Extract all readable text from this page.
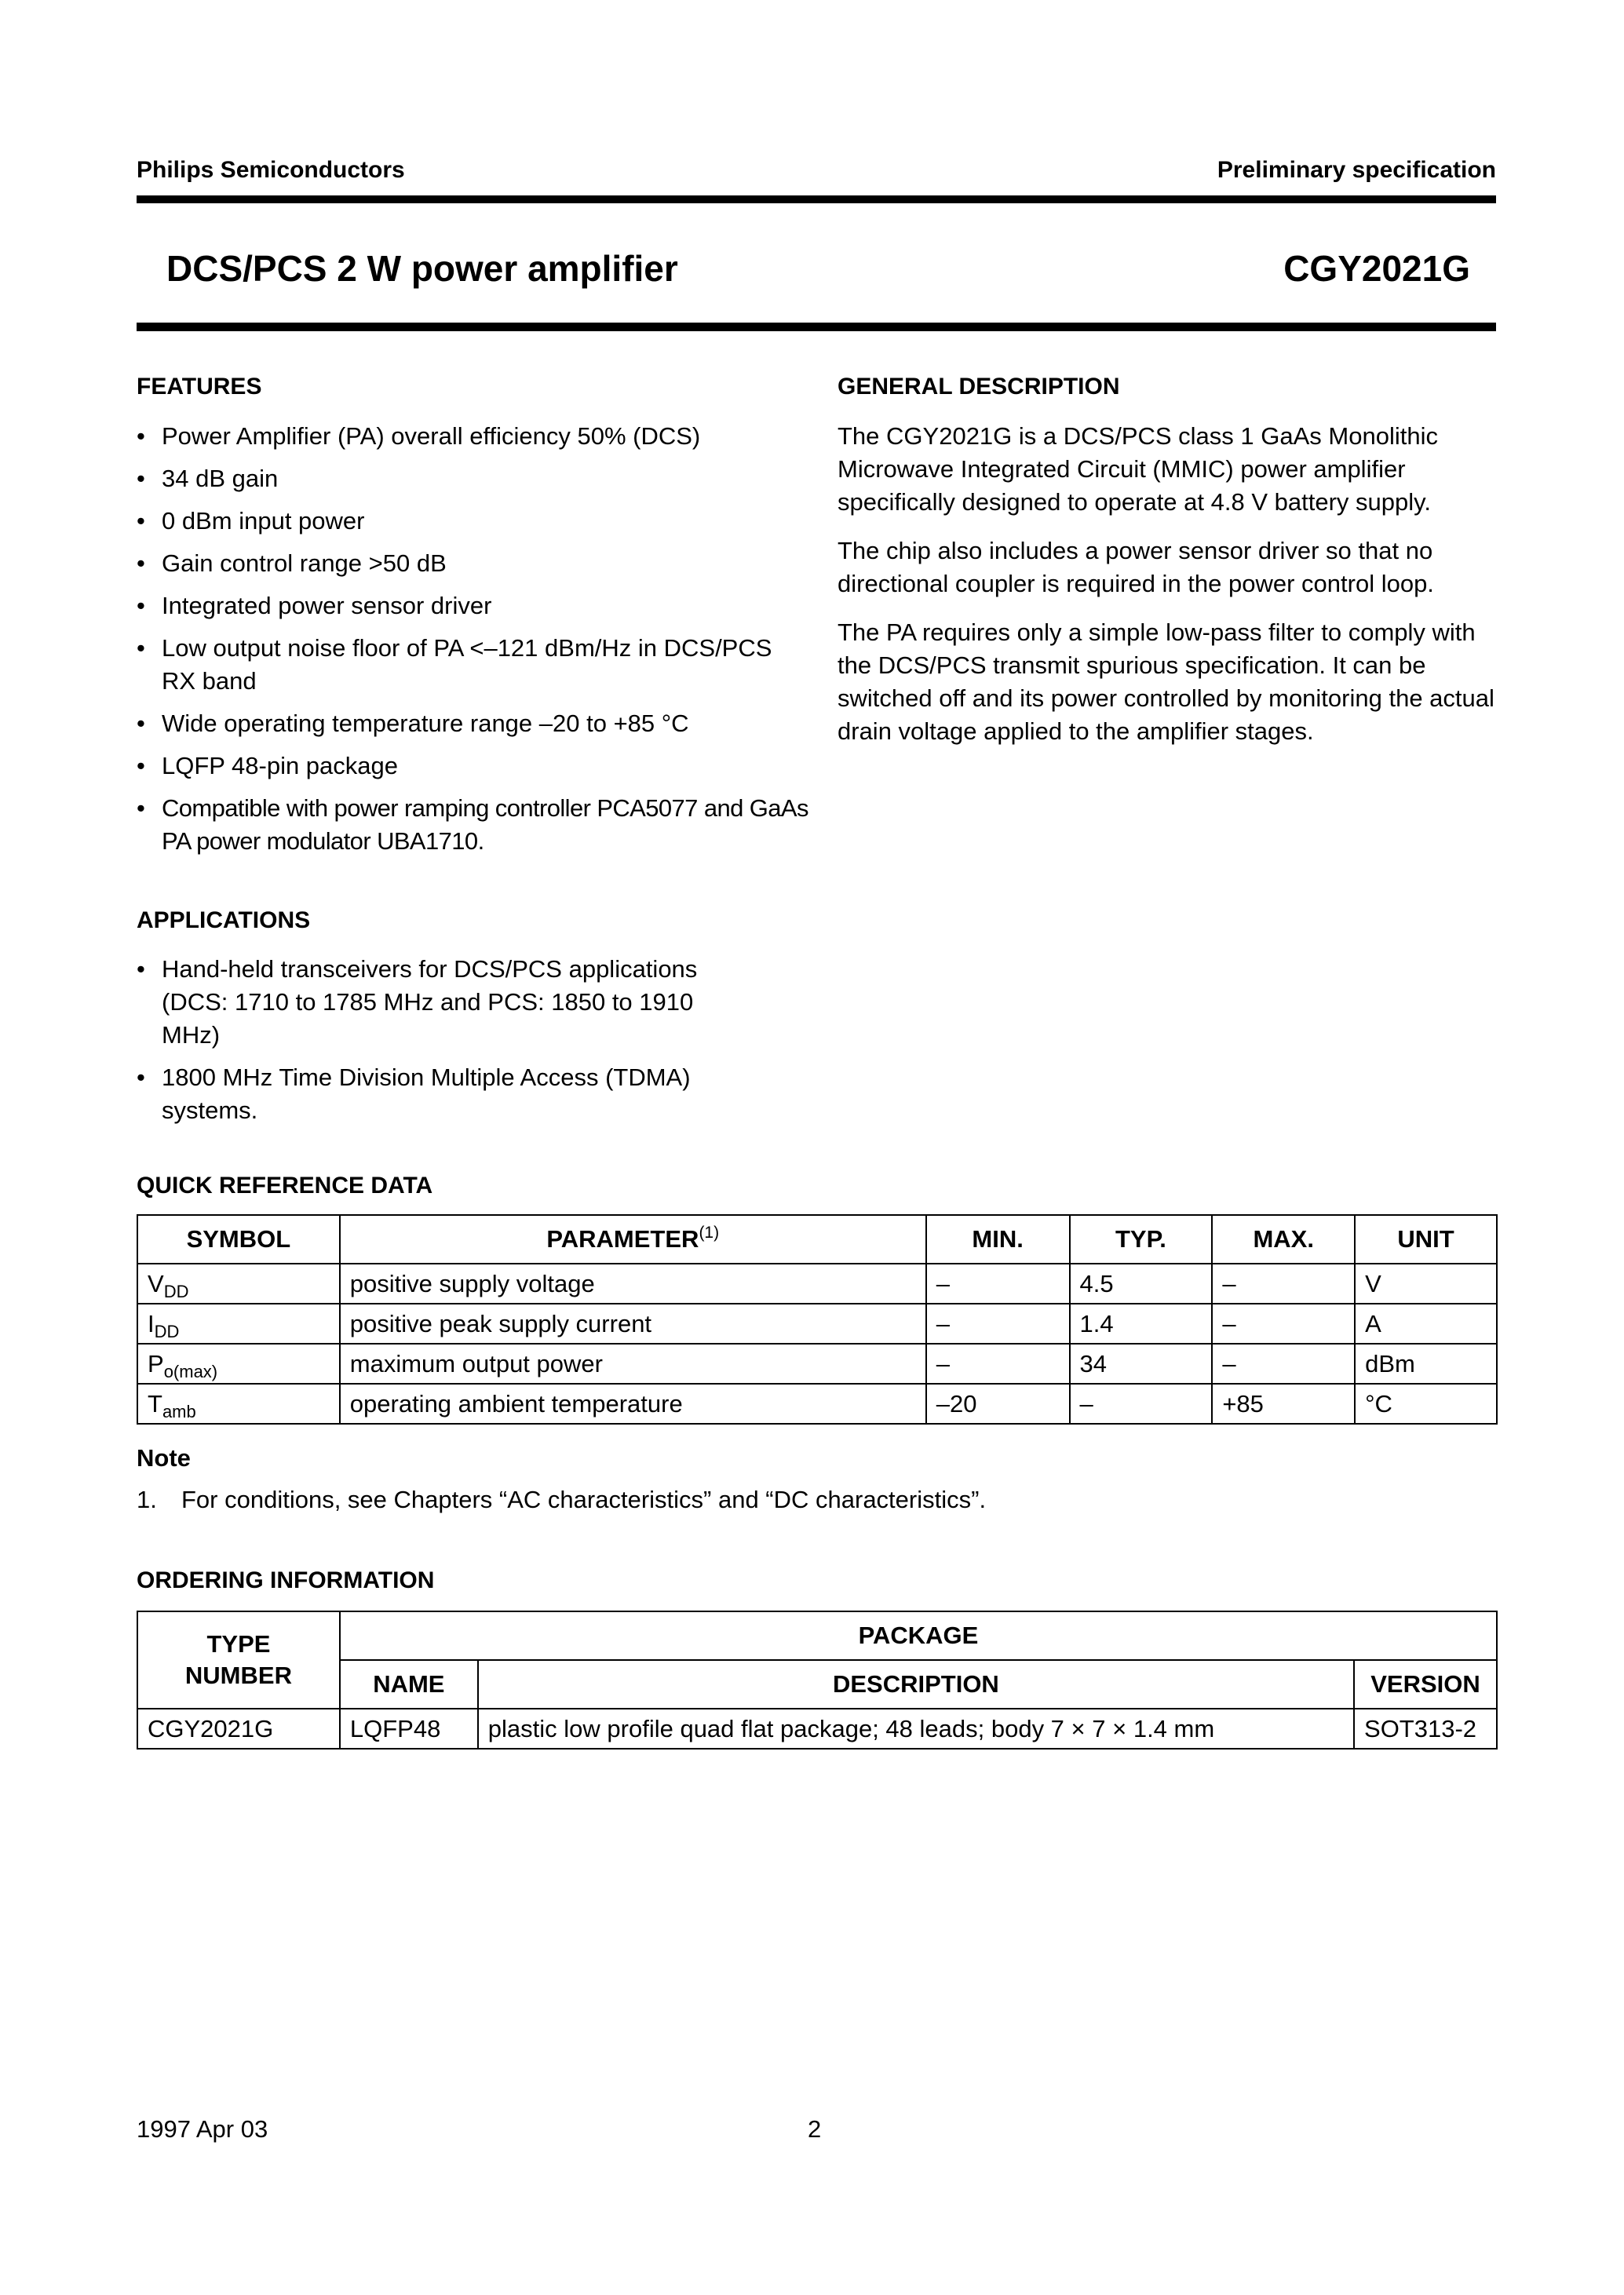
Philips Semiconductors	Preliminary specification
DCS/PCS 2 W power amplifier	CGY2021G
FEATURES
• Power Amplifier (PA) overall efficiency 50% (DCS)
• 34 dB gain
• 0 dBm input power
• Gain control range >50 dB
• Integrated power sensor driver
• Low output noise floor of PA <–121 dBm/Hz in DCS/PCS RX band
• Wide operating temperature range –20 to +85 °C
• LQFP 48-pin package
• Compatible with power ramping controller PCA5077 and GaAs PA power modulator UBA1710.
GENERAL DESCRIPTION

The CGY2021G is a DCS/PCS class 1 GaAs Monolithic Microwave Integrated Circuit (MMIC) power amplifier specifically designed to operate at 4.8 V battery supply.

The chip also includes a power sensor driver so that no directional coupler is required in the power control loop.

The PA requires only a simple low-pass filter to comply with the DCS/PCS transmit spurious specification. It can be switched off and its power controlled by monitoring the actual drain voltage applied to the amplifier stages.

APPLICATIONS
• Hand-held transceivers for DCS/PCS applications (DCS: 1710 to 1785 MHz and PCS: 1850 to 1910 MHz)
• 1800 MHz Time Division Multiple Access (TDMA) systems.
QUICK REFERENCE DATA
SYMBOL	PARAMETER$^{(1)}$	MIN.	TYP.	MAX.	UNIT
$V_{DD}$	positive supply voltage	–	4.5	–	V
$I_{DD}$	positive peak supply current	–	1.4	–	A
$P_{o(max)}$	maximum output power	–	34	–	dBm
$T_{amb}$	operating ambient temperature	–20	–	+85	°C
Note
1. For conditions, see Chapters “AC characteristics” and “DC characteristics”.
ORDERING INFORMATION
TYPE NUMBER	PACKAGE		
	NAME	DESCRIPTION	VERSION
CGY2021G	LQFP48	plastic low profile quad flat package; 48 leads; body 7 × 7 × 1.4 mm	SOT313-2
1997 Apr 03	2
